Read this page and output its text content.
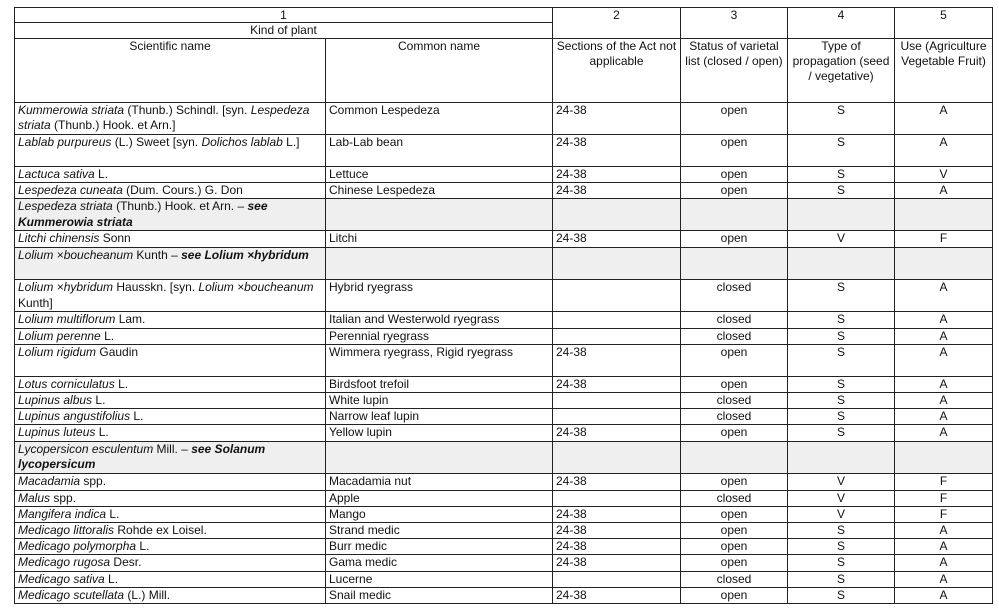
1
Kind of plant		2	3	4	5
Scientific name	Common name	Sections of the Act not applicable	Status of varietal list (closed / open)	Type of propagation (seed / vegetative)	Use (Agriculture Vegetable Fruit)
Kummerowia striata (Thunb.) Schindl. [syn. Lespedeza striata (Thunb.) Hook. et Arn.]	Common Lespedeza	24-38	open	S	A
Lablab purpureus (L.) Sweet [syn. Dolichos lablab L.]	Lab-Lab bean	24-38	open	S	A
Lactuca sativa L.	Lettuce	24-38	open	S	V
Lespedeza cuneata (Dum. Cours.) G. Don	Chinese Lespedeza	24-38	open	S	A
Lespedeza striata (Thunb.) Hook. et Arn. – see Kummerowia striata					
Litchi chinensis Sonn	Litchi	24-38	open	V	F
Lolium ×boucheanum Kunth – see Lolium ×hybridum					
Lolium ×hybridum Hausskn. [syn. Lolium ×boucheanum Kunth]	Hybrid ryegrass		closed	S	A
Lolium multiflorum Lam.	Italian and Westerwold ryegrass		closed	S	A
Lolium perenne L.	Perennial ryegrass		closed	S	A
Lolium rigidum Gaudin	Wimmera ryegrass, Rigid ryegrass	24-38	open	S	A
Lotus corniculatus L.	Birdsfoot trefoil	24-38	open	S	A
Lupinus albus L.	White lupin		closed	S	A
Lupinus angustifolius L.	Narrow leaf lupin		closed	S	A
Lupinus luteus L.	Yellow lupin	24-38	open	S	A
Lycopersicon esculentum Mill. – see Solanum lycopersicum					
Macadamia spp.	Macadamia nut	24-38	open	V	F
Malus spp.	Apple		closed	V	F
Mangifera indica L.	Mango	24-38	open	V	F
Medicago littoralis Rohde ex Loisel.	Strand medic	24-38	open	S	A
Medicago polymorpha L.	Burr medic	24-38	open	S	A
Medicago rugosa Desr.	Gama medic	24-38	open	S	A
Medicago sativa L.	Lucerne		closed	S	A
Medicago scutellata (L.) Mill.	Snail medic	24-38	open	S	A
